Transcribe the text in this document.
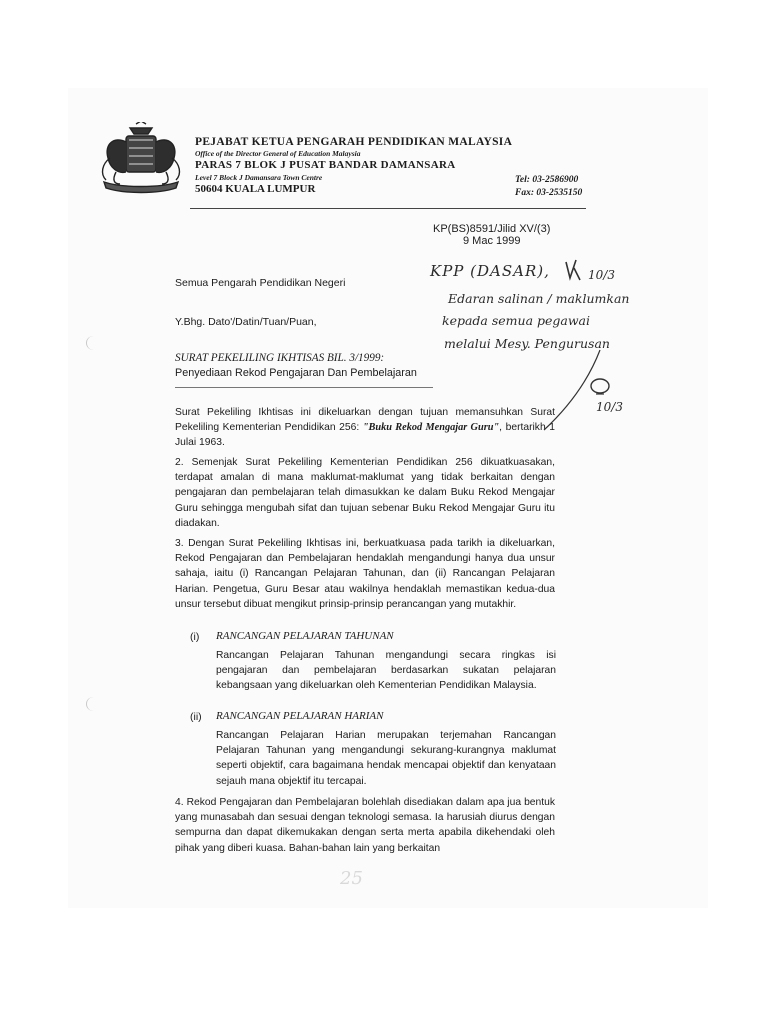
PEJABAT KETUA PENGARAH PENDIDIKAN MALAYSIA
Office of the Director General of Education Malaysia
PARAS 7 BLOK J PUSAT BANDAR DAMANSARA
Level 7 Block J Damansara Town Centre
50604 KUALA LUMPUR
Tel: 03-2586900
Fax: 03-2535150
KP(BS)8591/Jilid XV/(3)
9 Mac 1999
Semua Pengarah Pendidikan Negeri
Y.Bhg. Dato'/Datin/Tuan/Puan,
SURAT PEKELILING IKHTISAS BIL. 3/1999:
Penyediaan Rekod Pengajaran Dan Pembelajaran
Surat Pekeliling Ikhtisas ini dikeluarkan dengan tujuan memansuhkan Surat Pekeliling Kementerian Pendidikan 256: "Buku Rekod Mengajar Guru", bertarikh 1 Julai 1963.
2. Semenjak Surat Pekeliling Kementerian Pendidikan 256 dikuatkuasakan, terdapat amalan di mana maklumat-maklumat yang tidak berkaitan dengan pengajaran dan pembelajaran telah dimasukkan ke dalam Buku Rekod Mengajar Guru sehingga mengubah sifat dan tujuan sebenar Buku Rekod Mengajar Guru itu diadakan.
3. Dengan Surat Pekeliling Ikhtisas ini, berkuatkuasa pada tarikh ia dikeluarkan, Rekod Pengajaran dan Pembelajaran hendaklah mengandungi hanya dua unsur sahaja, iaitu (i) Rancangan Pelajaran Tahunan, dan (ii) Rancangan Pelajaran Harian. Pengetua, Guru Besar atau wakilnya hendaklah memastikan kedua-dua unsur tersebut dibuat mengikut prinsip-prinsip perancangan yang mutakhir.
(i) RANCANGAN PELAJARAN TAHUNAN
Rancangan Pelajaran Tahunan mengandungi secara ringkas isi pengajaran dan pembelajaran berdasarkan sukatan pelajaran kebangsaan yang dikeluarkan oleh Kementerian Pendidikan Malaysia.
(ii) RANCANGAN PELAJARAN HARIAN
Rancangan Pelajaran Harian merupakan terjemahan Rancangan Pelajaran Tahunan yang mengandungi sekurang-kurangnya maklumat seperti objektif, cara bagaimana hendak mencapai objektif dan kenyataan sejauh mana objektif itu tercapai.
4. Rekod Pengajaran dan Pembelajaran bolehlah disediakan dalam apa jua bentuk yang munasabah dan sesuai dengan teknologi semasa. Ia harusiah diurus dengan sempurna dan dapat dikemukakan dengan serta merta apabila dikehendaki oleh pihak yang diberi kuasa. Bahan-bahan lain yang berkaitan
KPP (DASAR),	10/3
Edaran salinan / maklumkan
kepada semua pegawai
melalui Mesy. Pengurusan
10/3
25
